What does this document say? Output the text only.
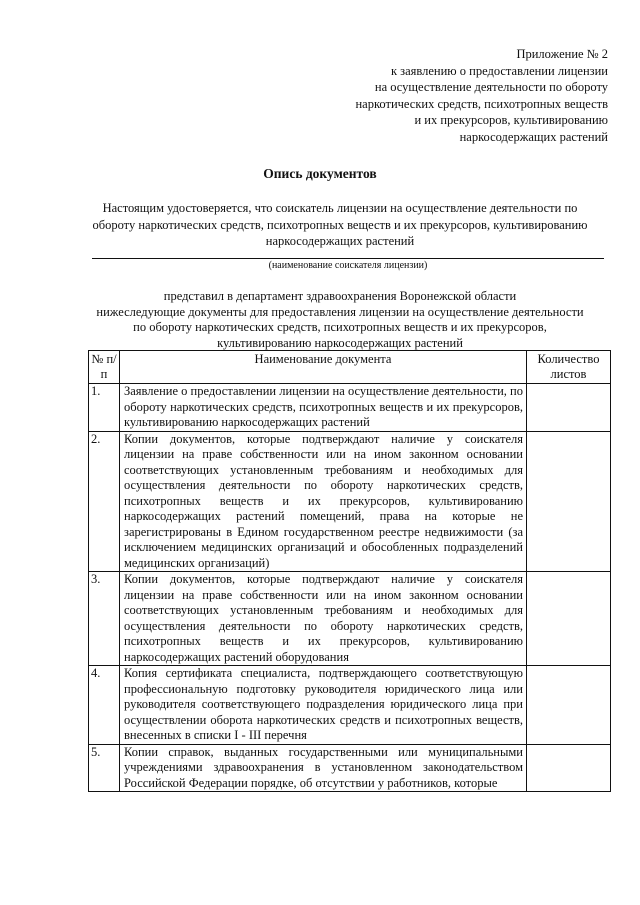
Приложение № 2
к заявлению о предоставлении лицензии
на осуществление деятельности по обороту
наркотических средств, психотропных веществ
и их прекурсоров, культивированию
наркосодержащих растений
Опись документов
Настоящим удостоверяется, что соискатель лицензии на осуществление деятельности по
обороту наркотических средств, психотропных веществ и их прекурсоров, культивированию
наркосодержащих растений
(наименование соискателя лицензии)
представил в департамент здравоохранения Воронежской области
нижеследующие документы для предоставления лицензии на осуществление деятельности
по обороту наркотических средств, психотропных веществ и их прекурсоров,
культивированию наркосодержащих растений
№ п/п	Наименование документа	Количество листов
1.	Заявление о предоставлении лицензии на осуществление деятельности, по обороту наркотических средств, психотропных веществ и их прекурсоров, культивированию наркосодержащих растений	
2.	Копии документов, которые подтверждают наличие у соискателя лицензии на праве собственности или на ином законном основании соответствующих установленным требованиям и необходимых для осуществления деятельности по обороту наркотических средств, психотропных веществ и их прекурсоров, культивированию наркосодержащих растений помещений, права на которые не зарегистрированы в Едином государственном реестре недвижимости (за исключением медицинских организаций и обособленных подразделений медицинских организаций)	
3.	Копии документов, которые подтверждают наличие у соискателя лицензии на праве собственности или на ином законном основании соответствующих установленным требованиям и необходимых для осуществления деятельности по обороту наркотических средств, психотропных веществ и их прекурсоров, культивированию наркосодержащих растений оборудования	
4.	Копия сертификата специалиста, подтверждающего соответствующую профессиональную подготовку руководителя юридического лица или руководителя соответствующего подразделения юридического лица при осуществлении оборота наркотических средств и психотропных веществ, внесенных в списки I - III перечня	
5.	Копии справок, выданных государственными или муниципальными учреждениями здравоохранения в установленном законодательством Российской Федерации порядке, об отсутствии у работников, которые	
